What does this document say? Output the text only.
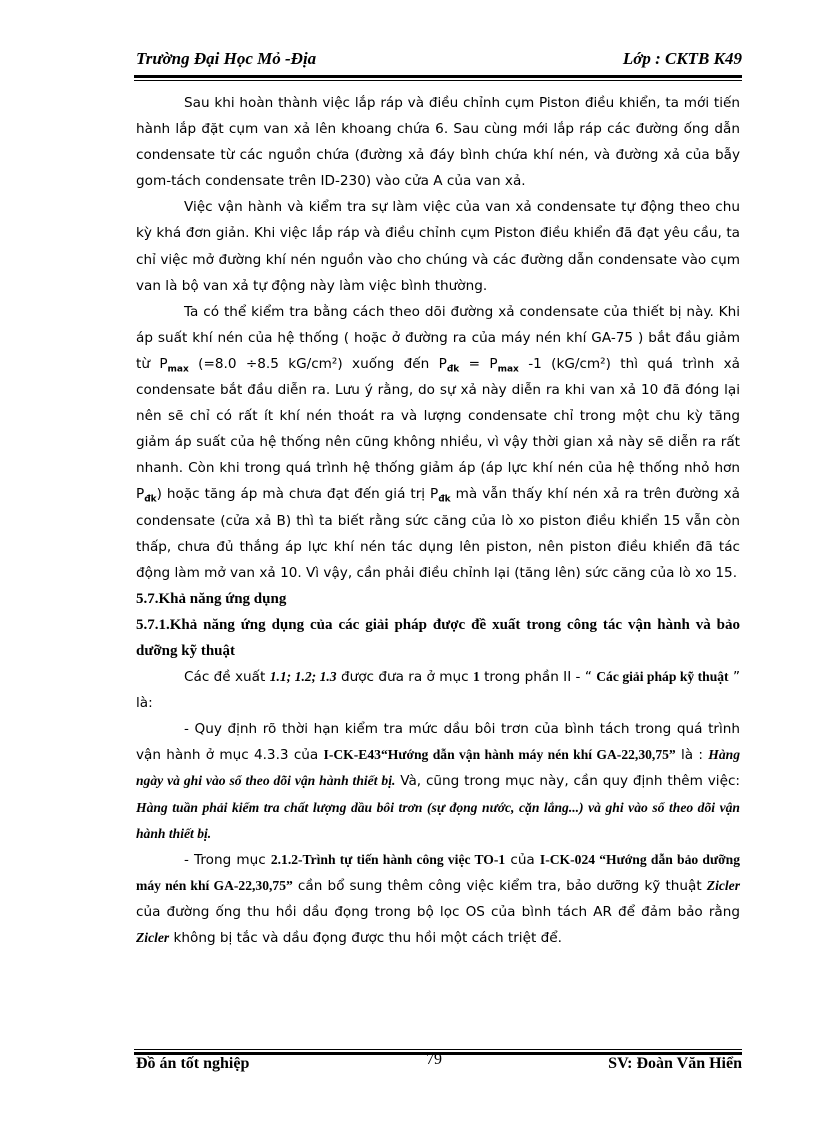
Trường Đại Học Mỏ -Địa	Lớp : CKTB K49

Sau khi hoàn thành việc lắp ráp và điều chỉnh cụm Piston điều khiển, ta mới tiến hành lắp đặt cụm van xả lên khoang chứa 6. Sau cùng mới lắp ráp các đường ống dẫn condensate từ các nguồn chứa (đường xả đáy bình chứa khí nén, và đường xả của bẫy gom-tách condensate trên ID-230) vào cửa A của van xả.

Việc vận hành và kiểm tra sự làm việc của van xả condensate tự động theo chu kỳ khá đơn giản. Khi việc lắp ráp và điều chỉnh cụm Piston điều khiển đã đạt yêu cầu, ta chỉ việc mở đường khí nén nguồn vào cho chúng và các đường dẫn condensate vào cụm van là bộ van xả tự động này làm việc bình thường.

Ta có thể kiểm tra bằng cách theo dõi đường xả condensate của thiết bị này. Khi áp suất khí nén của hệ thống ( hoặc ở đường ra của máy nén khí GA-75 ) bắt đầu giảm từ $P_{max}$ (=8.0 ÷8.5 kG/cm²) xuống đến $P_{đk} = P_{max}$ -1 (kG/cm²) thì quá trình xả condensate bắt đầu diễn ra. Lưu ý rằng, do sự xả này diễn ra khi van xả 10 đã đóng lại nên sẽ chỉ có rất ít khí nén thoát ra và lượng condensate chỉ trong một chu kỳ tăng giảm áp suất của hệ thống nên cũng không nhiều, vì vậy thời gian xả này sẽ diễn ra rất nhanh. Còn khi trong quá trình hệ thống giảm áp (áp lực khí nén của hệ thống nhỏ hơn $P_{đk}$) hoặc tăng áp mà chưa đạt đến giá trị $P_{đk}$ mà vẫn thấy khí nén xả ra trên đường xả condensate (cửa xả B) thì ta biết rằng sức căng của lò xo piston điều khiển 15 vẫn còn thấp, chưa đủ thắng áp lực khí nén tác dụng lên piston, nên piston điều khiển đã tác động làm mở van xả 10. Vì vậy, cần phải điều chỉnh lại (tăng lên) sức căng của lò xo 15.

5.7.Khả năng ứng dụng

5.7.1.Khả năng ứng dụng của các giải pháp được đề xuất trong công tác vận hành và bảo dưỡng kỹ thuật

Các đề xuất 1.1; 1.2; 1.3 được đưa ra ở mục 1 trong phần II - “ Các giải pháp kỹ thuật ” là:

- Quy định rõ thời hạn kiểm tra mức dầu bôi trơn của bình tách trong quá trình vận hành ở mục 4.3.3 của I-CK-E43“Hướng dẫn vận hành máy nén khí GA-22,30,75” là : Hàng ngày và ghi vào sổ theo dõi vận hành thiết bị. Và, cũng trong mục này, cần quy định thêm việc: Hàng tuần phải kiểm tra chất lượng dầu bôi trơn (sự đọng nước, cặn lắng...) và ghi vào sổ theo dõi vận hành thiết bị.

- Trong mục 2.1.2-Trình tự tiến hành công việc TO-1 của I-CK-024 “Hướng dẫn bảo dưỡng máy nén khí GA-22,30,75” cần bổ sung thêm công việc kiểm tra, bảo dưỡng kỹ thuật Zicler của đường ống thu hồi dầu đọng trong bộ lọc OS của bình tách AR để đảm bảo rằng Zicler không bị tắc và dầu đọng được thu hồi một cách triệt để.

Đồ án tốt nghiệp	79	SV: Đoàn Văn Hiển
